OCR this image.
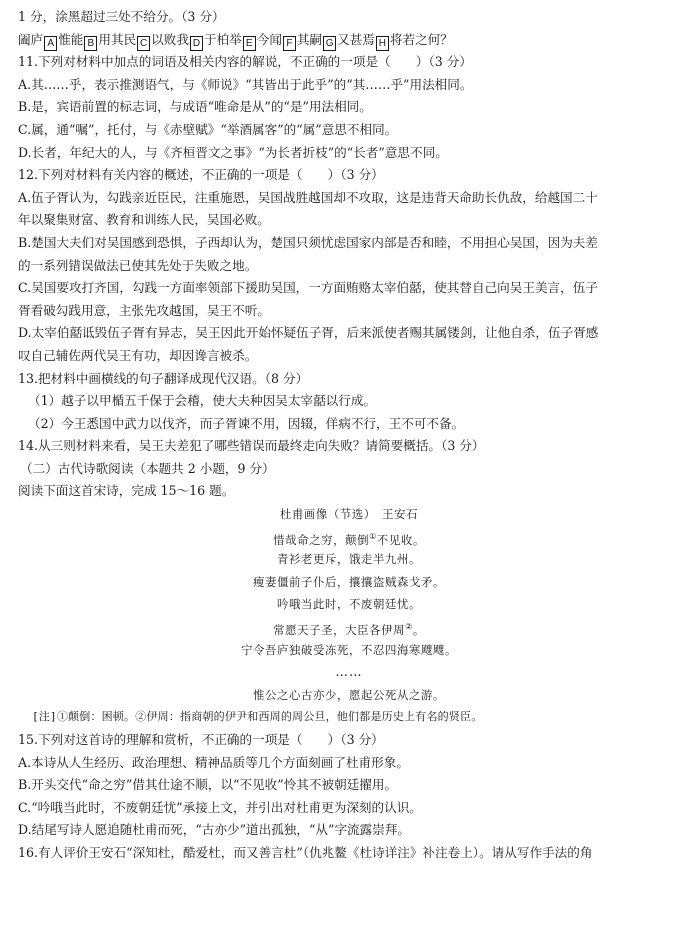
1 分，涂黑超过三处不给分。（3 分）
阖庐 A 惟能 B 用其民 C 以败我 D 于柏举 E 今闻 F 其嗣 G 又甚焉 H 将若之何？
11.下列对材料中加点的词语及相关内容的解说，不正确的一项是（　　）（3 分）
A.其……乎，表示推测语气，与《师说》“其皆出于此乎”的“其……乎”用法相同。
B.是，宾语前置的标志词，与成语“唯命是从”的“是”用法相同。
C.属，通“嘱”，托付，与《赤壁赋》“举酒属客”的“属”意思不相同。
D.长者，年纪大的人，与《齐桓晋文之事》“为长者折枝”的“长者”意思不同。
12.下列对材料有关内容的概述，不正确的一项是（　　）（3 分）
A.伍子胥认为，勾践亲近臣民，注重施恩，吴国战胜越国却不攻取，这是违背天命助长仇敌，给越国二十
年以聚集财富、教育和训练人民，吴国必败。
B.楚国大夫们对吴国感到恐惧，子西却认为，楚国只须忧虑国家内部是否和睦，不用担心吴国，因为夫差
的一系列错误做法已使其先处于失败之地。
C.吴国要攻打齐国，勾践一方面率领部下援助吴国，一方面贿赂太宰伯嚭，使其替自己向吴王美言，伍子
胥看破勾践用意，主张先攻越国，吴王不听。
D.太宰伯嚭诋毁伍子胥有异志，吴王因此开始怀疑伍子胥，后来派使者赐其属镂剑，让他自杀，伍子胥感
叹自己辅佐两代吴王有功，却因谗言被杀。
13.把材料中画横线的句子翻译成现代汉语。（8 分）
（1）越子以甲楯五千保于会稽，使大夫种因吴太宰嚭以行成。
（2）今王悉国中武力以伐齐，而子胥谏不用，因辍，佯病不行，王不可不备。
14.从三则材料来看，吴王夫差犯了哪些错误而最终走向失败？请简要概括。（3 分）
（二）古代诗歌阅读（本题共 2 小题，9 分）
阅读下面这首宋诗，完成 15～16 题。
杜甫画像（节选）　王安石
惜哉命之穷，颠倒①不见收。
青衫老更斥，饿走半九州。
瘦妻僵前子仆后，攘攘盗贼森戈矛。
吟哦当此时，不废朝廷忧。
常愿天子圣，大臣各伊周②。
宁令吾庐独破受冻死，不忍四海寒飕飕。
……
惟公之心古亦少，愿起公死从之游。
[注]①颠倒：困顿。②伊周：指商朝的伊尹和西周的周公旦，他们都是历史上有名的贤臣。
15.下列对这首诗的理解和赏析，不正确的一项是（　　）（3 分）
A.本诗从人生经历、政治理想、精神品质等几个方面刻画了杜甫形象。
B.开头交代“命之穷”借其仕途不顺，以“不见收”怜其不被朝廷擢用。
C.“吟哦当此时，不废朝廷忧”承接上文，并引出对杜甫更为深刻的认识。
D.结尾写诗人愿追随杜甫而死，“古亦少”道出孤独，“从”字流露崇拜。
16.有人评价王安石“深知杜，酷爱杜，而又善言杜”（仇兆鳌《杜诗详注》补注卷上）。请从写作手法的角
